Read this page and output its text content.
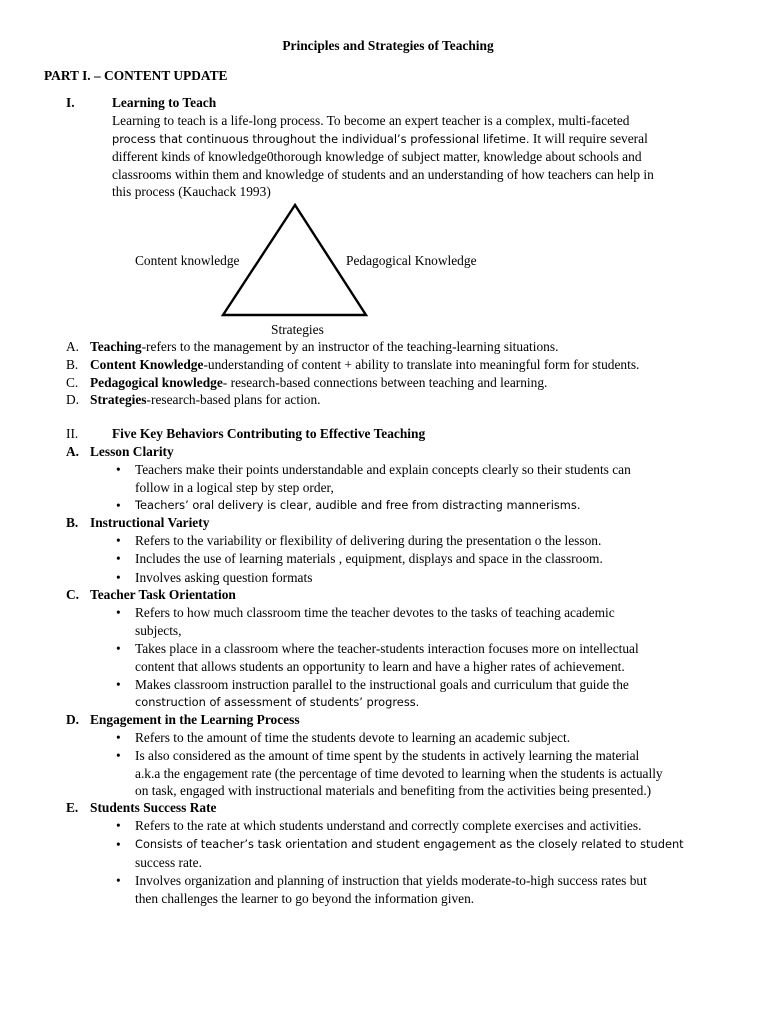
Principles and Strategies of Teaching
PART I. – CONTENT UPDATE
I.	Learning to Teach
Learning to teach is a life-long process. To become an expert teacher is a complex, multi-faceted
process that continuous throughout the individual’s professional lifetime. It will require several
different kinds of knowledge0thorough knowledge of subject matter, knowledge about schools and
classrooms within them and knowledge of students and an understanding of how teachers can help in
this process (Kauchack 1993)
Content knowledge	Pedagogical Knowledge
Strategies
A. Teaching-refers to the management by an instructor of the teaching-learning situations.
B. Content Knowledge-understanding of content + ability to translate into meaningful form for students.
C. Pedagogical knowledge- research-based connections between teaching and learning.
D. Strategies-research-based plans for action.
II.	Five Key Behaviors Contributing to Effective Teaching
A. Lesson Clarity
•	Teachers make their points understandable and explain concepts clearly so their students can
follow in a logical step by step order,
•	Teachers’ oral delivery is clear, audible and free from distracting mannerisms.
B. Instructional Variety
•	Refers to the variability or flexibility of delivering during the presentation o the lesson.
•	Includes the use of learning materials , equipment, displays and space in the classroom.
•	Involves asking question formats
C. Teacher Task Orientation
•	Refers to how much classroom time the teacher devotes to the tasks of teaching academic
subjects,
•	Takes place in a classroom where the teacher-students interaction focuses more on intellectual
content that allows students an opportunity to learn and have a higher rates of achievement.
•	Makes classroom instruction parallel to the instructional goals and curriculum that guide the
construction of assessment of students’ progress.
D. Engagement in the Learning Process
•	Refers to the amount of time the students devote to learning an academic subject.
•	Is also considered as the amount of time spent by the students in actively learning the material
a.k.a the engagement rate (the percentage of time devoted to learning when the students is actually
on task, engaged with instructional materials and benefiting from the activities being presented.)
E. Students Success Rate
•	Refers to the rate at which students understand and correctly complete exercises and activities.
•	Consists of teacher’s task orientation and student engagement as the closely related to student
success rate.
•	Involves organization and planning of instruction that yields moderate-to-high success rates but
then challenges the learner to go beyond the information given.
